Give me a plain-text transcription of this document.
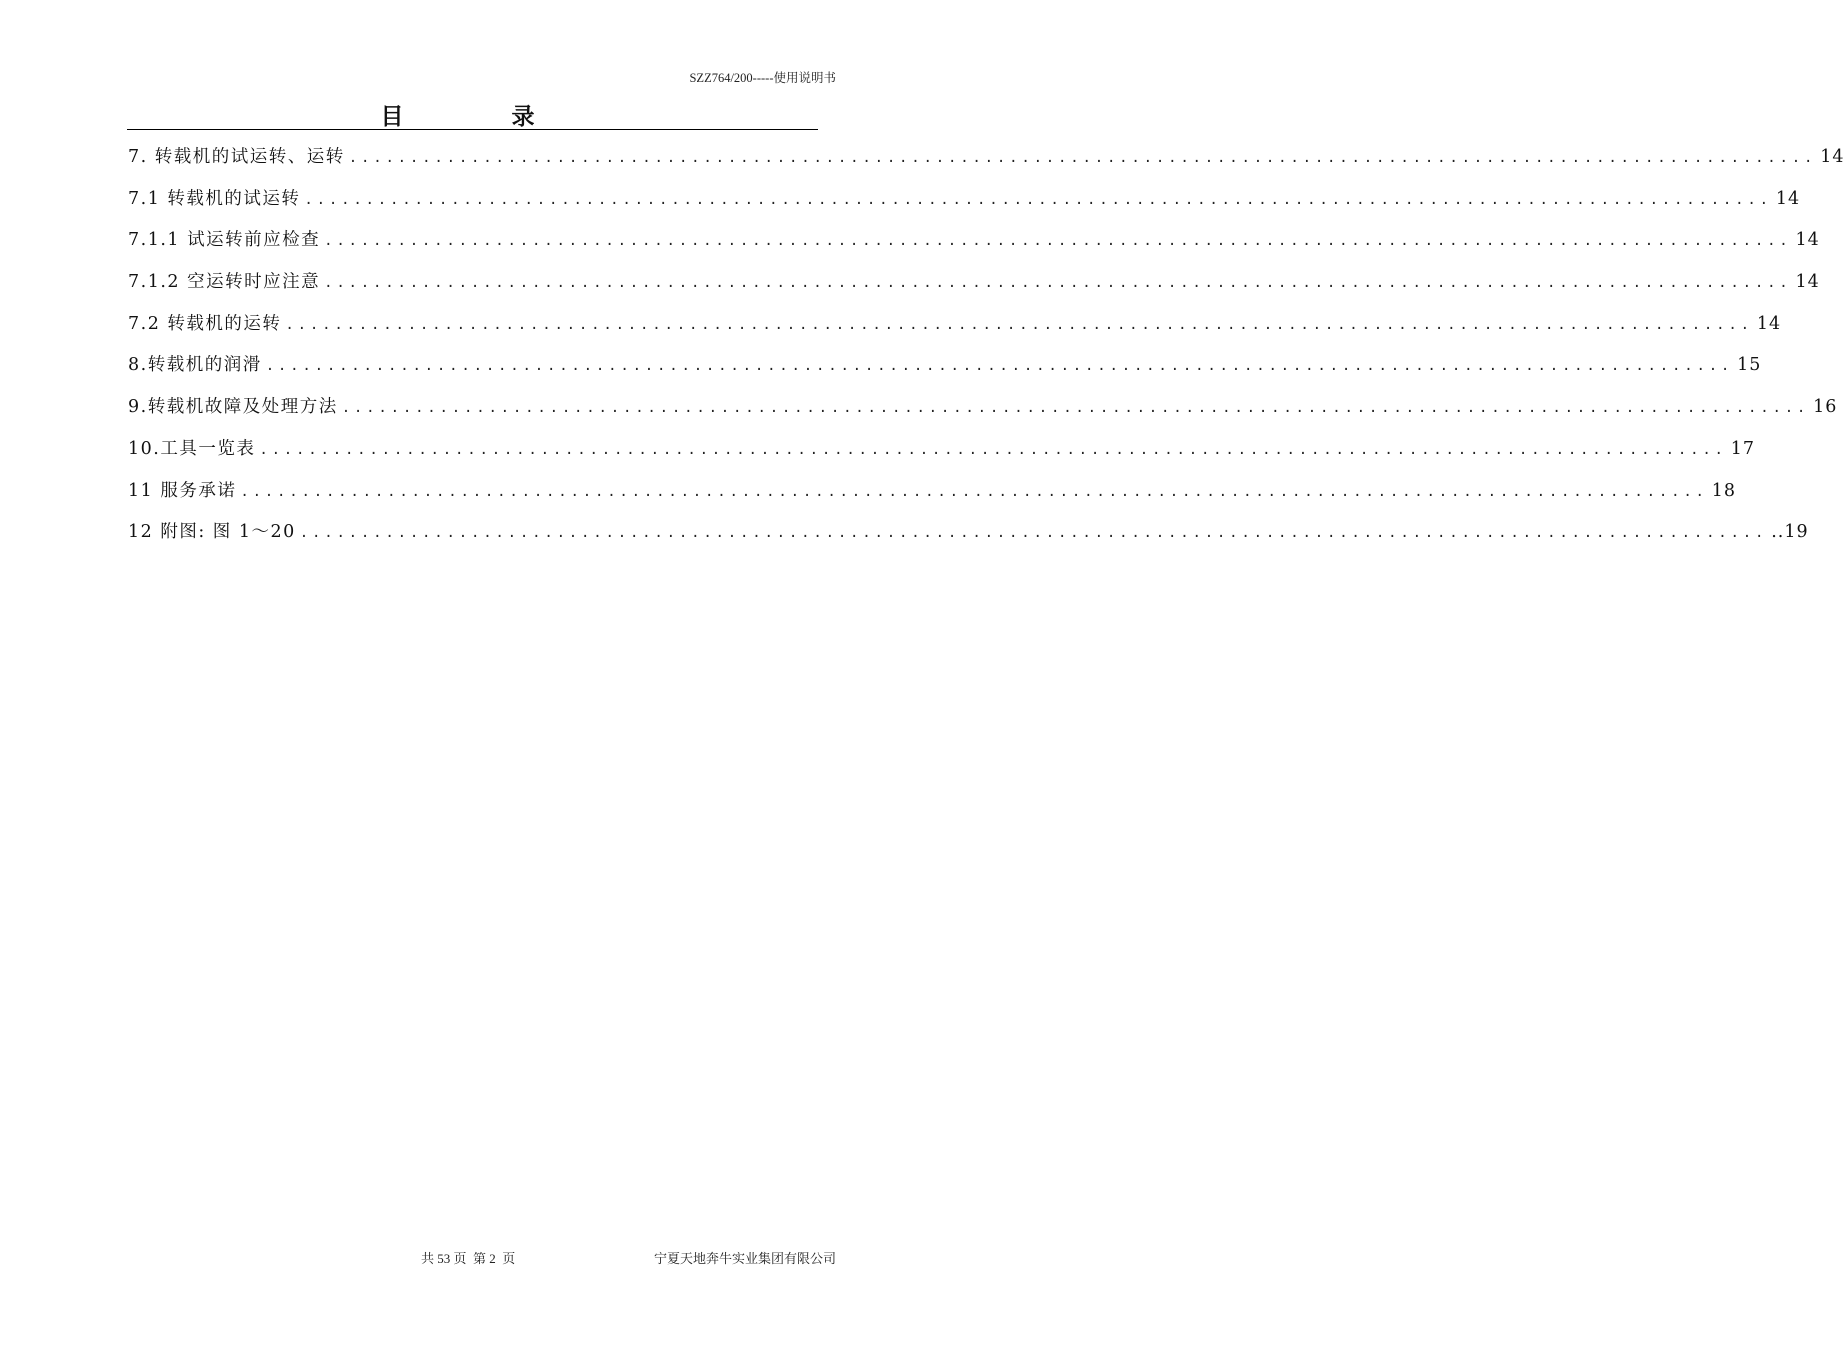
SZZ764/200-----使用说明书
目 录
7. 转载机的试运转、运转 ........................................................................................................................ 14
7.1 转载机的试运转 ........................................................................................................................ 14
7.1.1 试运转前应检查 ........................................................................................................................ 14
7.1.2 空运转时应注意 ........................................................................................................................ 14
7.2 转载机的运转 ........................................................................................................................ 14
8.转载机的润滑 ........................................................................................................................ 15
9.转载机故障及处理方法 ........................................................................................................................ 16
10.工具一览表 ........................................................................................................................ 17
11 服务承诺 ........................................................................................................................ 18
12 附图: 图 1～20 ........................................................................................................................ ..19
共 53 页  第 2  页	宁夏天地奔牛实业集团有限公司
